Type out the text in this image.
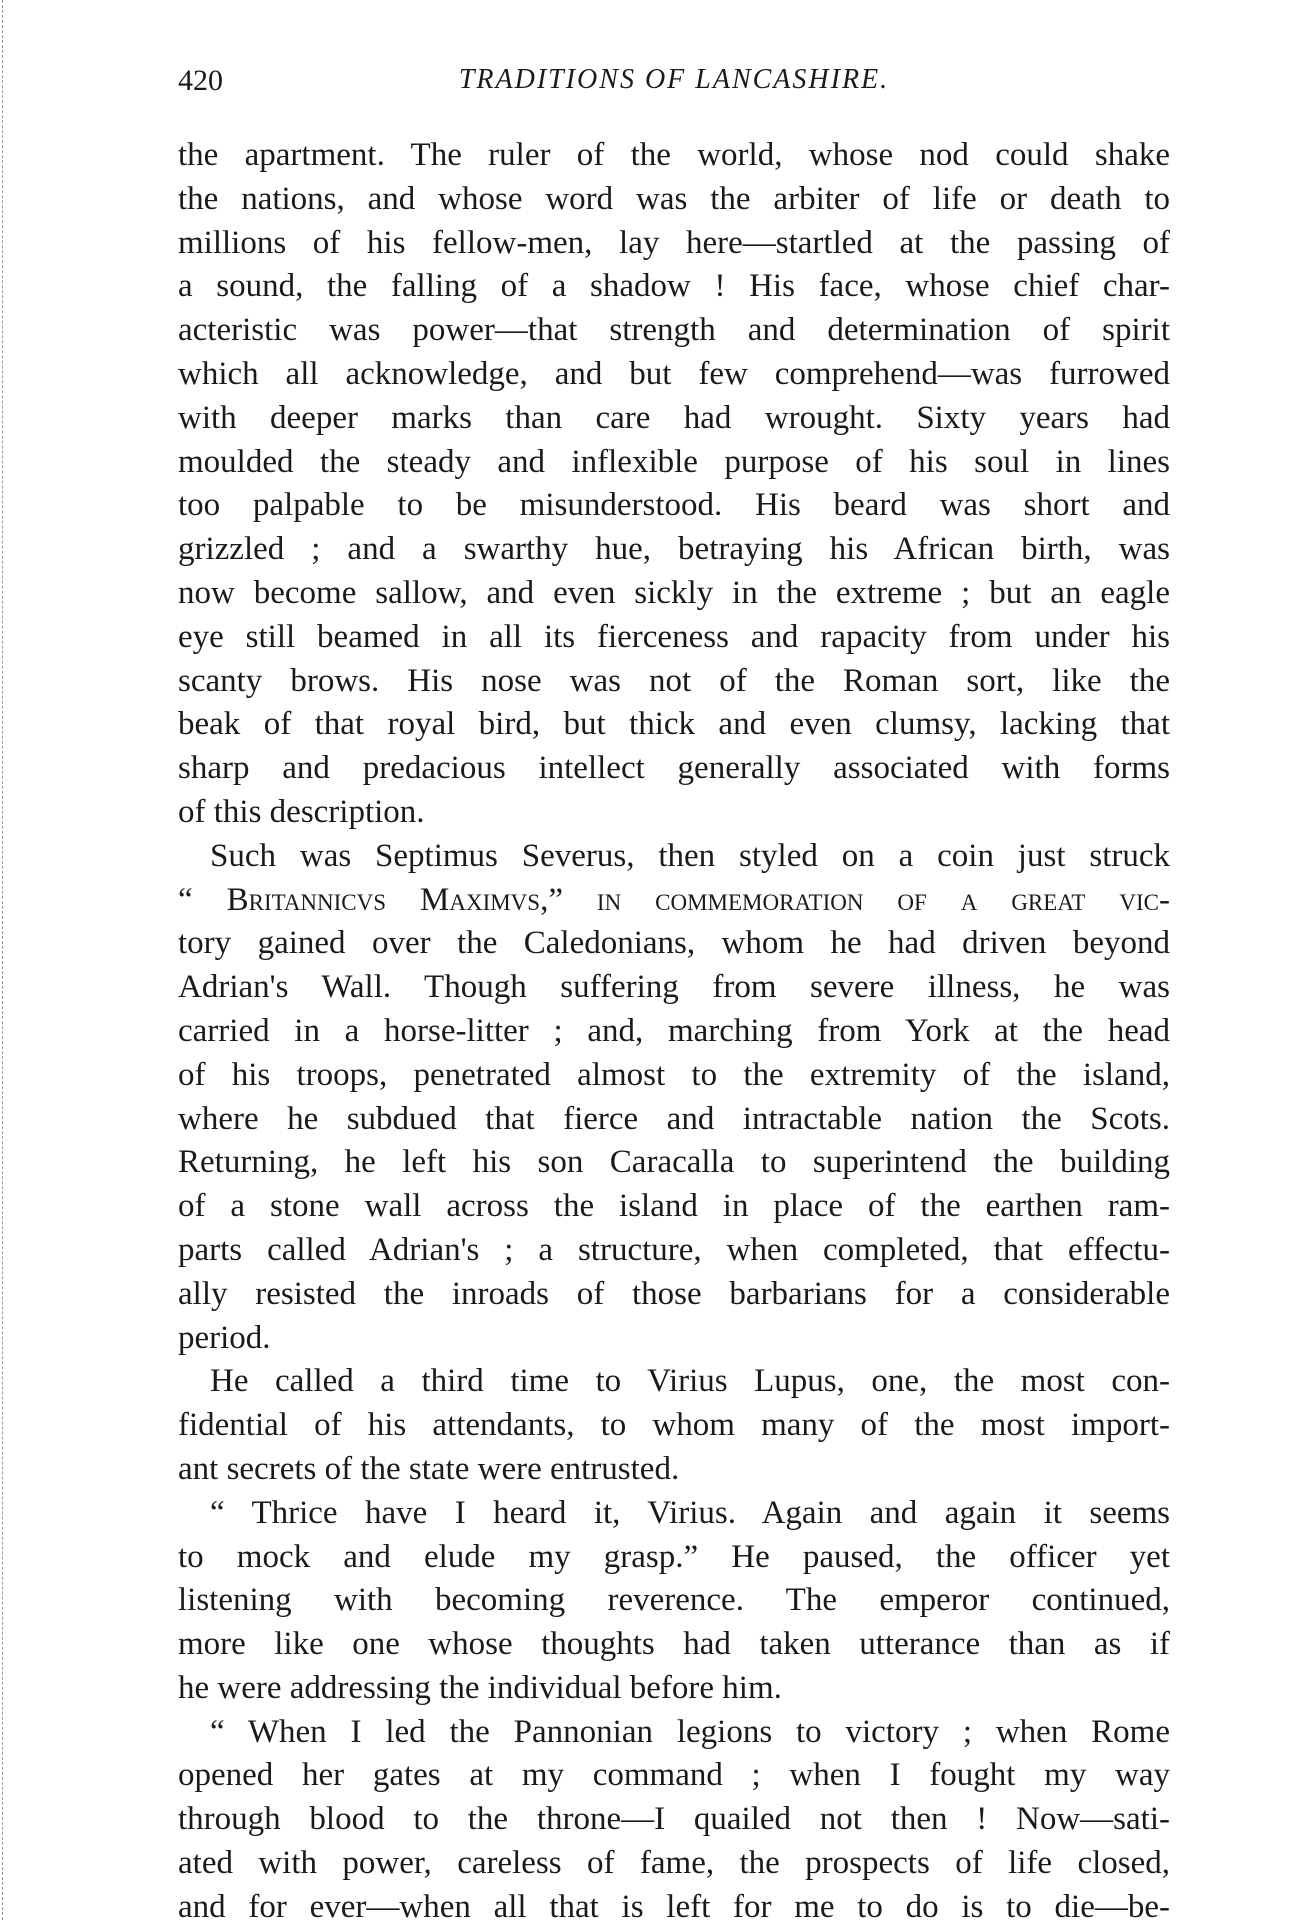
420	TRADITIONS OF LANCASHIRE.
the apartment. The ruler of the world, whose nod could shake
the nations, and whose word was the arbiter of life or death to
millions of his fellow-men, lay here—startled at the passing of
a sound, the falling of a shadow ! His face, whose chief char-
acteristic was power—that strength and determination of spirit
which all acknowledge, and but few comprehend—was furrowed
with deeper marks than care had wrought. Sixty years had
moulded the steady and inflexible purpose of his soul in lines
too palpable to be misunderstood. His beard was short and
grizzled ; and a swarthy hue, betraying his African birth, was
now become sallow, and even sickly in the extreme ; but an eagle
eye still beamed in all its fierceness and rapacity from under his
scanty brows. His nose was not of the Roman sort, like the
beak of that royal bird, but thick and even clumsy, lacking that
sharp and predacious intellect generally associated with forms
of this description.
Such was Septimus Severus, then styled on a coin just struck
“ Britannicvs Maximvs,” in commemoration of a great vic-
tory gained over the Caledonians, whom he had driven beyond
Adrian's Wall. Though suffering from severe illness, he was
carried in a horse-litter ; and, marching from York at the head
of his troops, penetrated almost to the extremity of the island,
where he subdued that fierce and intractable nation the Scots.
Returning, he left his son Caracalla to superintend the building
of a stone wall across the island in place of the earthen ram-
parts called Adrian's ; a structure, when completed, that effectu-
ally resisted the inroads of those barbarians for a considerable
period.
He called a third time to Virius Lupus, one, the most con-
fidential of his attendants, to whom many of the most import-
ant secrets of the state were entrusted.
“ Thrice have I heard it, Virius. Again and again it seems
to mock and elude my grasp.” He paused, the officer yet
listening with becoming reverence. The emperor continued,
more like one whose thoughts had taken utterance than as if
he were addressing the individual before him.
“ When I led the Pannonian legions to victory ; when Rome
opened her gates at my command ; when I fought my way
through blood to the throne—I quailed not then ! Now—sati-
ated with power, careless of fame, the prospects of life closed,
and for ever—when all that is left for me to do is to die—be-
